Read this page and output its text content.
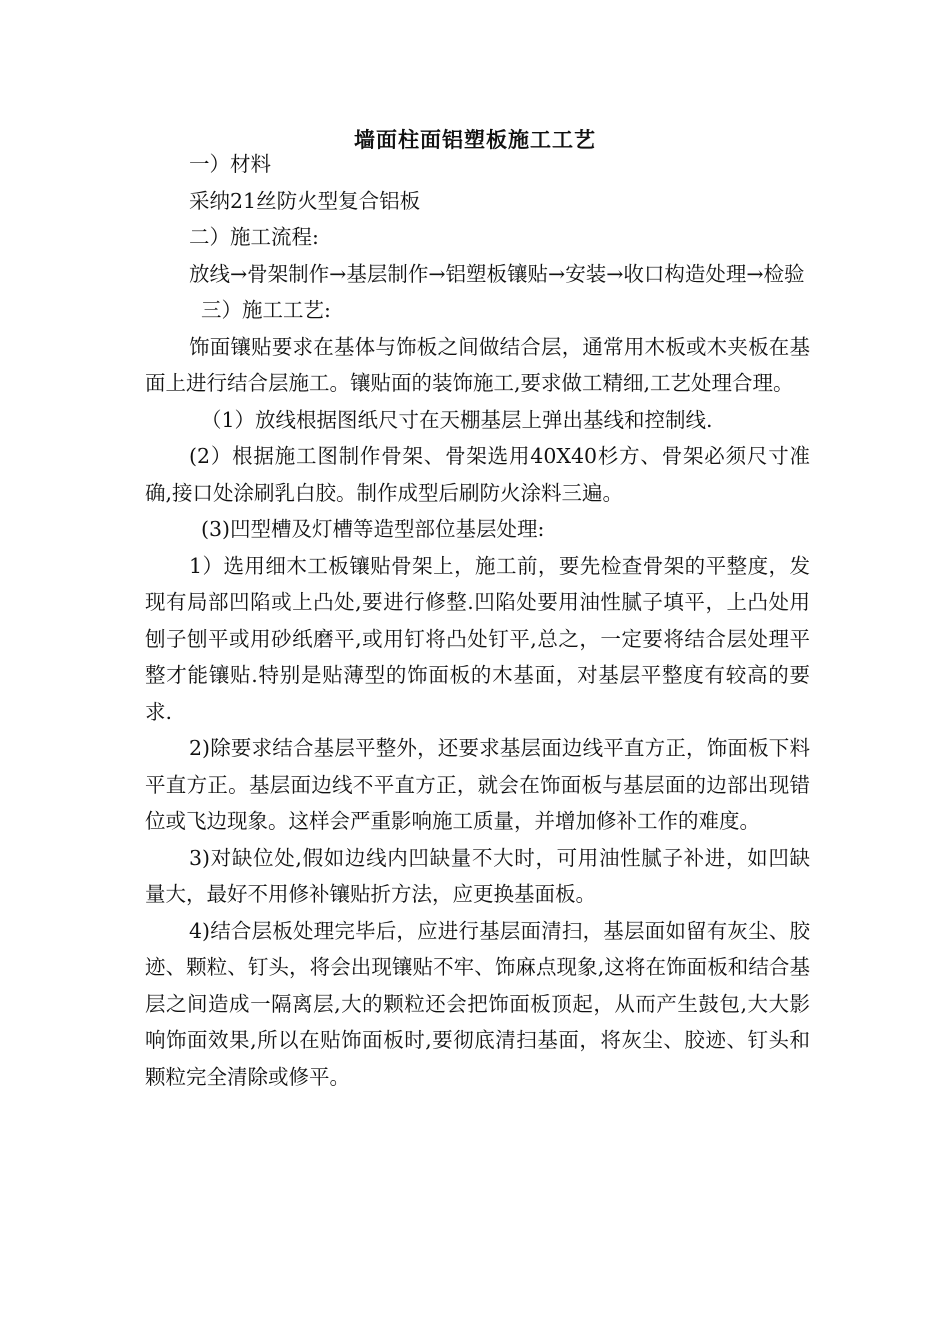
墙面柱面铝塑板施工工艺

一）材料

采纳21丝防火型复合铝板

二）施工流程:

放线→骨架制作→基层制作→铝塑板镶贴→安装→收口构造处理→检验

三）施工工艺:

饰面镶贴要求在基体与饰板之间做结合层，通常用木板或木夹板在基面上进行结合层施工。镶贴面的装饰施工,要求做工精细,工艺处理合理。

（1）放线根据图纸尺寸在天棚基层上弹出基线和控制线.

(2）根据施工图制作骨架、骨架选用40X40杉方、骨架必须尺寸准确,接口处涂刷乳白胶。制作成型后刷防火涂料三遍。

(3)凹型槽及灯槽等造型部位基层处理:

1）选用细木工板镶贴骨架上，施工前，要先检查骨架的平整度，发现有局部凹陷或上凸处,要进行修整.凹陷处要用油性腻子填平，上凸处用刨子刨平或用砂纸磨平,或用钉将凸处钉平,总之，一定要将结合层处理平整才能镶贴.特别是贴薄型的饰面板的木基面，对基层平整度有较高的要求.

2)除要求结合基层平整外，还要求基层面边线平直方正，饰面板下料平直方正。基层面边线不平直方正，就会在饰面板与基层面的边部出现错位或飞边现象。这样会严重影响施工质量，并增加修补工作的难度。

3)对缺位处,假如边线内凹缺量不大时，可用油性腻子补进，如凹缺量大，最好不用修补镶贴折方法，应更换基面板。

4)结合层板处理完毕后，应进行基层面清扫，基层面如留有灰尘、胶迹、颗粒、钉头，将会出现镶贴不牢、饰麻点现象,这将在饰面板和结合基层之间造成一隔离层,大的颗粒还会把饰面板顶起，从而产生鼓包,大大影响饰面效果,所以在贴饰面板时,要彻底清扫基面，将灰尘、胶迹、钉头和颗粒完全清除或修平。
